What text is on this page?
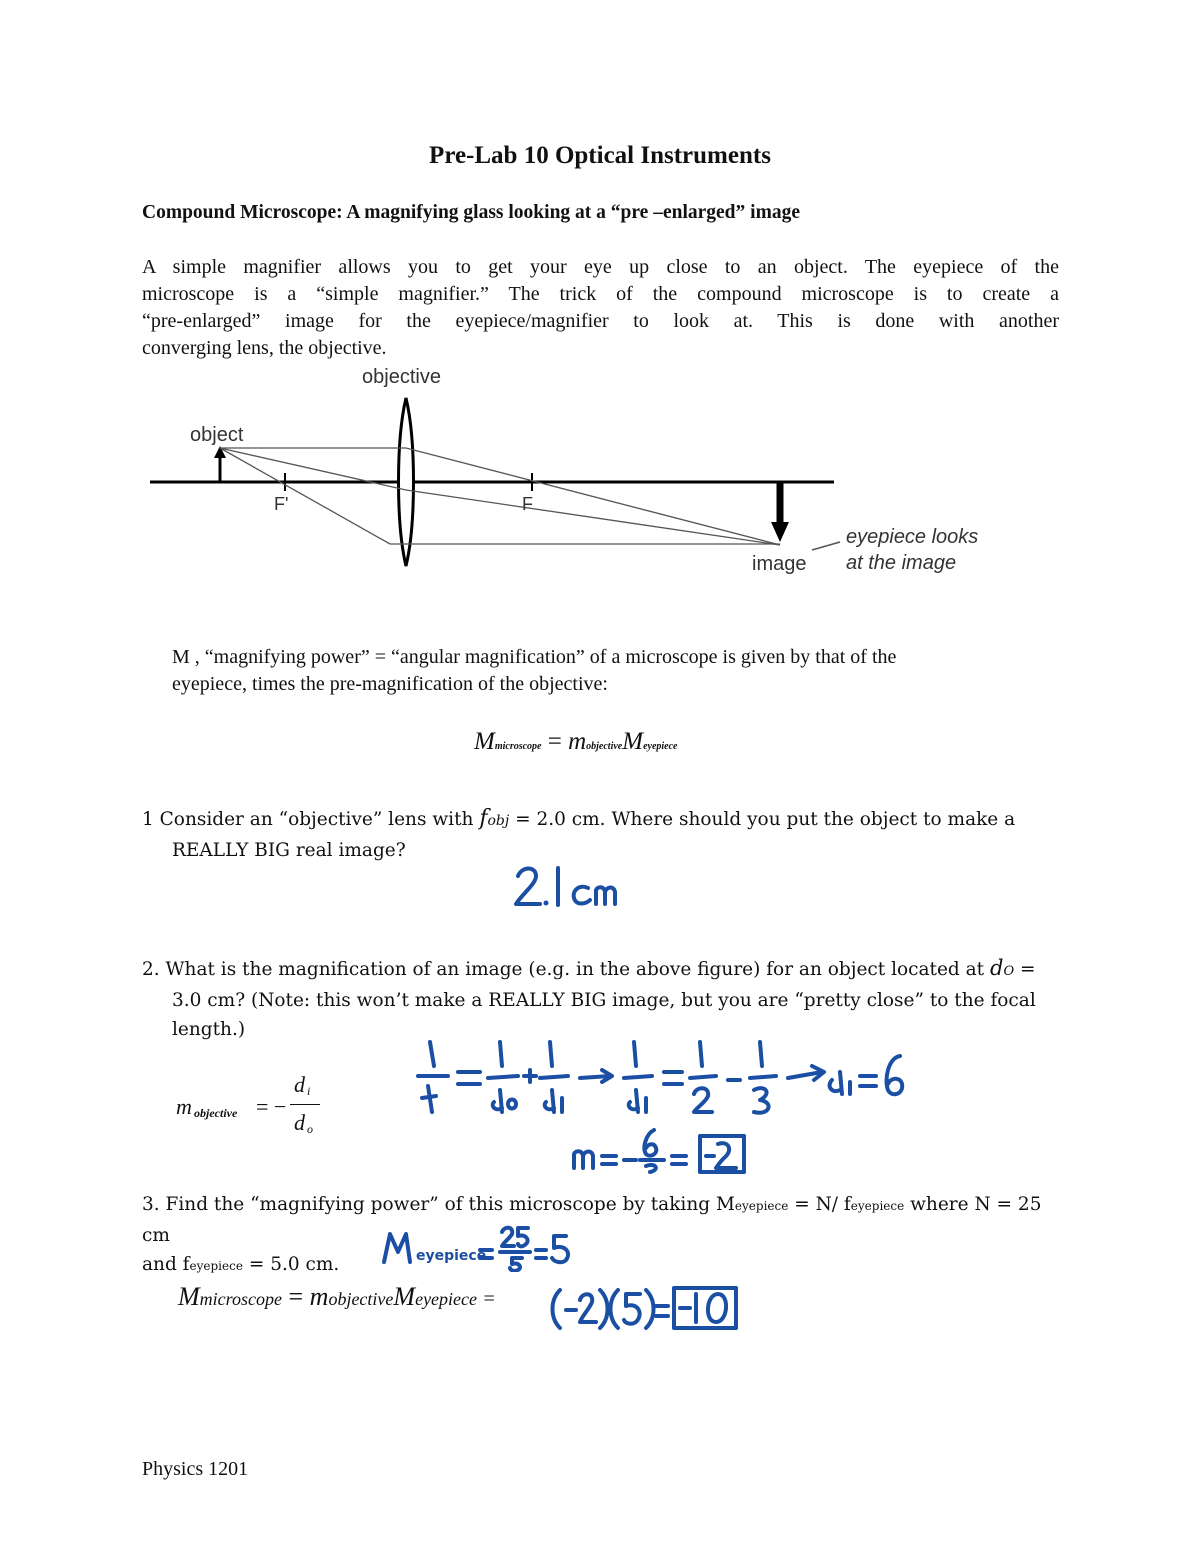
Pre-Lab 10 Optical Instruments
Compound Microscope: A magnifying glass looking at a “pre –enlarged” image
A simple magnifier allows you to get your eye up close to an object. The eyepiece of the
microscope is a “simple magnifier.” The trick of the compound microscope is to create a
“pre-enlarged” image for the eyepiece/magnifier to look at. This is done with another
converging lens, the objective.
objective
object
F'	F
image
eyepiece looks
at the image
M , “magnifying power” = “angular magnification” of a microscope is given by that of the
eyepiece, times the pre-magnification of the objective:
Mmicroscope = mobjectiveMeyepiece
1 Consider an “objective” lens with fobj = 2.0 cm. Where should you put the object to make a
REALLY BIG real image?
2. What is the magnification of an image (e.g. in the above figure) for an object located at dO =
3.0 cm? (Note: this won’t make a REALLY BIG image, but you are “pretty close” to the focal
length.)
m objective = −
d i
d o
3. Find the “magnifying power” of this microscope by taking Meyepiece = N/ feyepiece where N = 25 cm
and feyepiece = 5.0 cm.	eyepiece
Mmicroscope = mobjectiveMeyepiece =
Physics 1201
